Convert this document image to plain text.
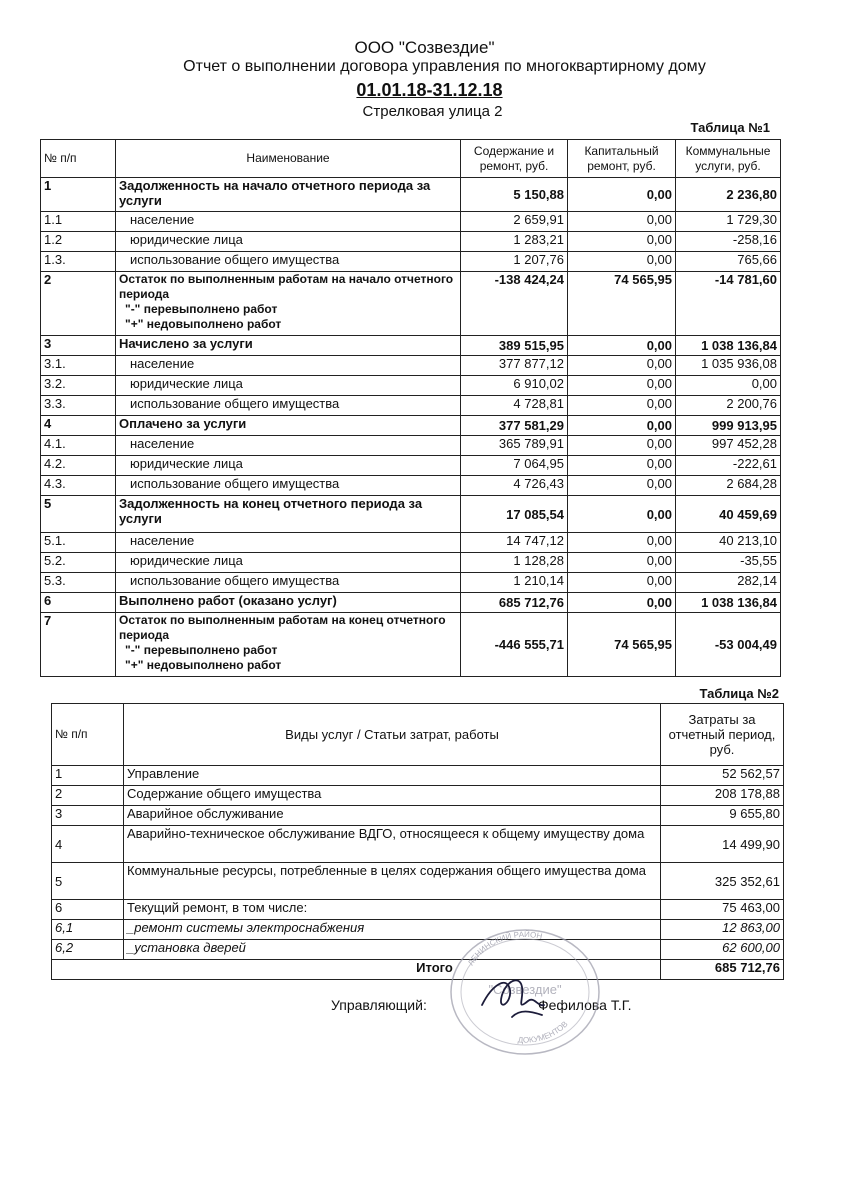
ООО "Созвездие"
Отчет о выполнении договора управления по многоквартирному дому
01.01.18-31.12.18
Стрелковая улица 2
Таблица №1
№ п/п	Наименование	Содержание и ремонт, руб.	Капитальный ремонт, руб.	Коммунальные услуги, руб.
1	Задолженность на начало отчетного периода за услуги	5 150,88	0,00	2 236,80
1.1	население	2 659,91	0,00	1 729,30
1.2	юридические лица	1 283,21	0,00	-258,16
1.3.	использование общего имущества	1 207,76	0,00	765,66
2	Остаток по выполненным работам на начало отчетного периода
"-" перевыполнено работ
"+" недовыполнено работ	-138 424,24	74 565,95	-14 781,60
3	Начислено за услуги	389 515,95	0,00	1 038 136,84
3.1.	население	377 877,12	0,00	1 035 936,08
3.2.	юридические лица	6 910,02	0,00	0,00
3.3.	использование общего имущества	4 728,81	0,00	2 200,76
4	Оплачено за услуги	377 581,29	0,00	999 913,95
4.1.	население	365 789,91	0,00	997 452,28
4.2.	юридические лица	7 064,95	0,00	-222,61
4.3.	использование общего имущества	4 726,43	0,00	2 684,28
5	Задолженность на конец отчетного периода за услуги	17 085,54	0,00	40 459,69
5.1.	население	14 747,12	0,00	40 213,10
5.2.	юридические лица	1 128,28	0,00	-35,55
5.3.	использование общего имущества	1 210,14	0,00	282,14
6	Выполнено работ (оказано услуг)	685 712,76	0,00	1 038 136,84
7	Остаток по выполненным работам на конец отчетного периода
"-" перевыполнено работ
"+" недовыполнено работ	-446 555,71	74 565,95	-53 004,49
Таблица №2
№ п/п	Виды услуг / Статьи затрат, работы	Затраты за отчетный период, руб.
1	Управление	52 562,57
2	Содержание общего имущества	208 178,88
3	Аварийное обслуживание	9 655,80
4	Аварийно-техническое обслуживание ВДГО, относящееся к общему имуществу дома	14 499,90
5	Коммунальные ресурсы, потребленные в целях содержания общего имущества дома	325 352,61
6	Текущий ремонт, в том числе:	75 463,00
6,1	_ремонт системы электроснабжения	12 863,00
6,2	_установка дверей	62 600,00
Итого		685 712,76
Управляющий:	Фефилова Т.Г.
ЛЕНИНСКИЙ РАЙОН
"Созвездие"
ДОКУМЕНТОВ
